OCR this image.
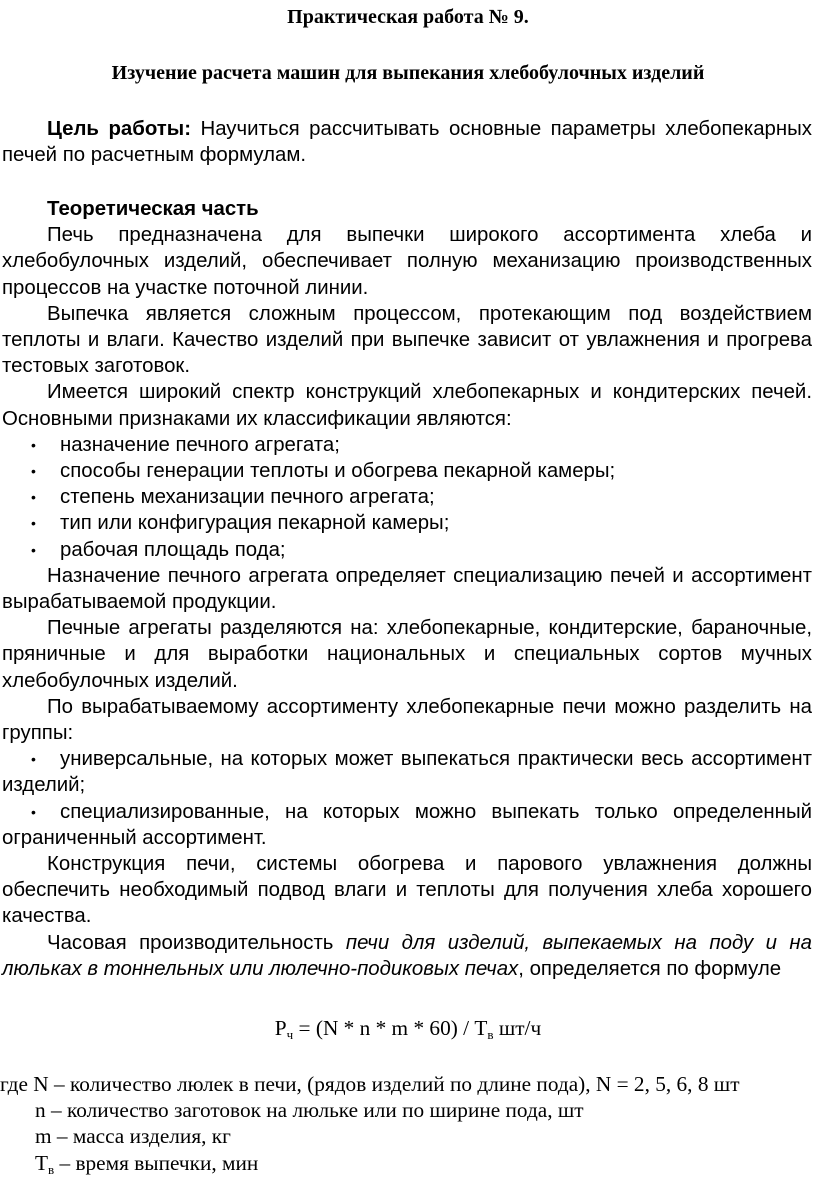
Практическая работа № 9.
Изучение расчета машин для выпекания хлебобулочных изделий
Цель работы: Научиться рассчитывать основные параметры хлебопекарных печей по расчетным формулам.

Теоретическая часть

Печь предназначена для выпечки широкого ассортимента хлеба и хлебобулочных изделий, обеспечивает полную механизацию производственных процессов на участке поточной линии.

Выпечка является сложным процессом, протекающим под воздействием теплоты и влаги. Качество изделий при выпечке зависит от увлажнения и прогрева тестовых заготовок.

Имеется широкий спектр конструкций хлебопекарных и кондитерских печей. Основными признаками их классификации являются:

• назначение печного агрегата;
• способы генерации теплоты и обогрева пекарной камеры;
• степень механизации печного агрегата;
• тип или конфигурация пекарной камеры;
• рабочая площадь пода;

Назначение печного агрегата определяет специализацию печей и ассортимент вырабатываемой продукции.

Печные агрегаты разделяются на: хлебопекарные, кондитерские, бараночные, пряничные и для выработки национальных и специальных сортов мучных хлебобулочных изделий.

По вырабатываемому ассортименту хлебопекарные печи можно разделить на группы:

• универсальные, на которых может выпекаться практически весь ассортимент изделий;
• специализированные, на которых можно выпекать только определенный ограниченный ассортимент.

Конструкция печи, системы обогрева и парового увлажнения должны обеспечить необходимый подвод влаги и теплоты для получения хлеба хорошего качества.

Часовая производительность печи для изделий, выпекаемых на поду и на люльках в тоннельных или люлечно-подиковых печах, определяется по формуле

$Р_ч = (N * n * m * 60) / Т_в$ шт/ч

где N – количество люлек в печи, (рядов изделий по длине пода), N = 2, 5, 6, 8 шт

n – количество заготовок на люльке или по ширине пода, шт

m – масса изделия, кг

$Т_в$ – время выпечки, мин
